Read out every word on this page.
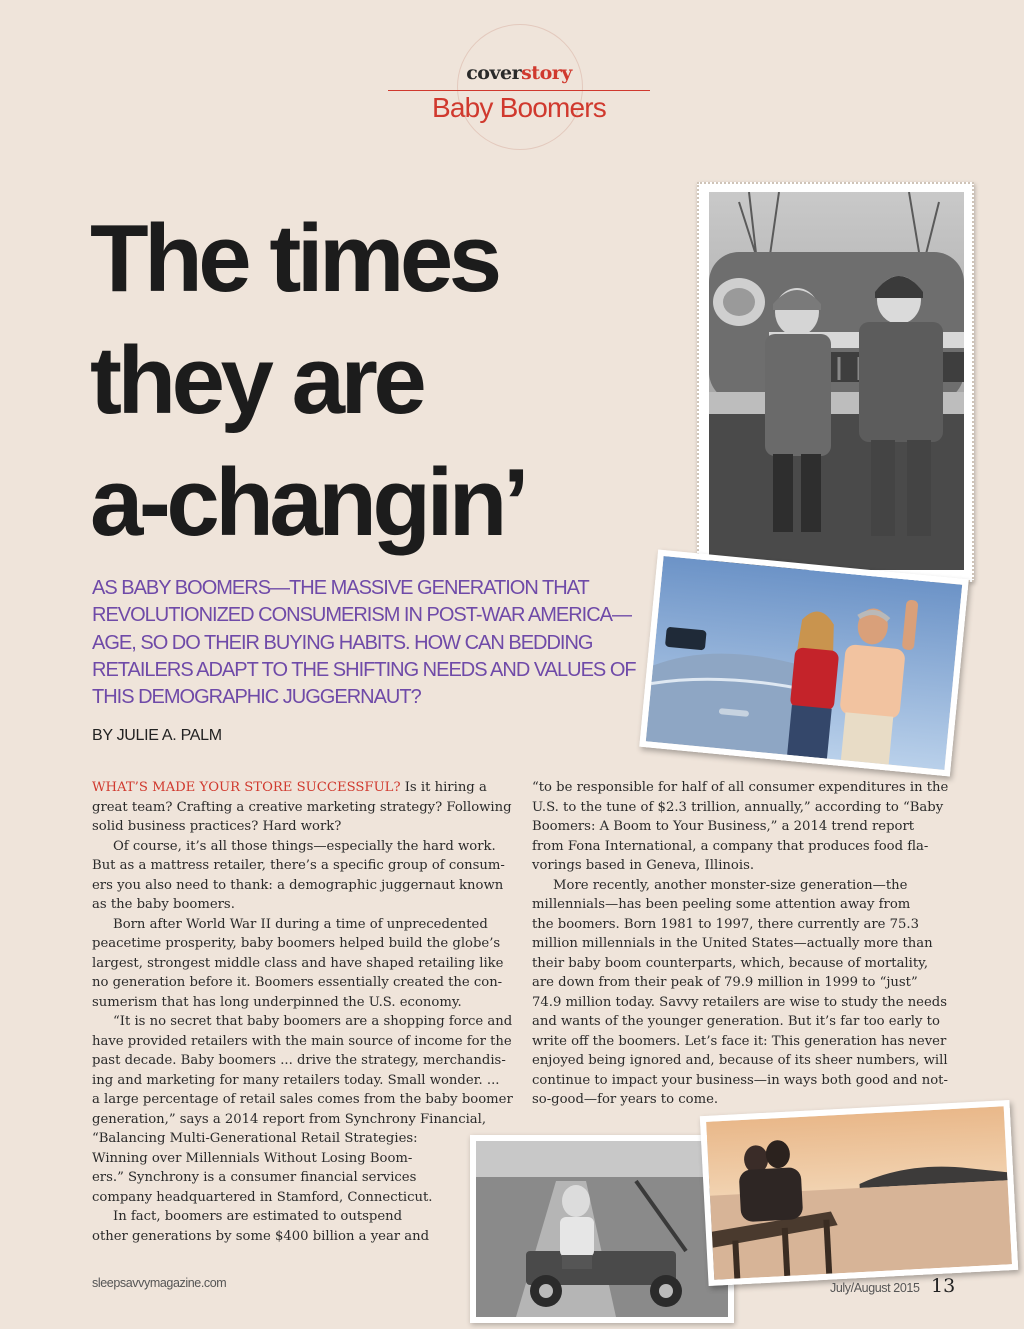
coverstory
Baby Boomers
The times
they are
a-changin’

AS BABY BOOMERS—THE MASSIVE GENERATION THAT REVOLUTIONIZED CONSUMERISM IN POST-WAR AMERICA—AGE, SO DO THEIR BUYING HABITS. HOW CAN BEDDING RETAILERS ADAPT TO THE SHIFTING NEEDS AND VALUES OF THIS DEMOGRAPHIC JUGGERNAUT?

BY JULIE A. PALM

WHAT’S MADE YOUR STORE SUCCESSFUL? Is it hiring a
great team? Crafting a creative marketing strategy? Following
solid business practices? Hard work?

Of course, it’s all those things—especially the hard work.

But as a mattress retailer, there’s a specific group of consum-
ers you also need to thank: a demographic juggernaut known
as the baby boomers.

Born after World War II during a time of unprecedented

peacetime prosperity, baby boomers helped build the globe’s
largest, strongest middle class and have shaped retailing like
no generation before it. Boomers essentially created the con-
sumerism that has long underpinned the U.S. economy.

“It is no secret that baby boomers are a shopping force and

have provided retailers with the main source of income for the
past decade. Baby boomers ... drive the strategy, merchandis-
ing and marketing for many retailers today. Small wonder. ...
a large percentage of retail sales comes from the baby boomer
generation,” says a 2014 report from Synchrony Financial,
“Balancing Multi-Generational Retail Strategies:
Winning over Millennials Without Losing Boom-
ers.” Synchrony is a consumer financial services
company headquartered in Stamford, Connecticut.

In fact, boomers are estimated to outspend

other generations by some $400 billion a year and

“to be responsible for half of all consumer expenditures in the
U.S. to the tune of $2.3 trillion, annually,” according to “Baby
Boomers: A Boom to Your Business,” a 2014 trend report
from Fona International, a company that produces food fla-
vorings based in Geneva, Illinois.

More recently, another monster-size generation—the

millennials—has been peeling some attention away from
the boomers. Born 1981 to 1997, there currently are 75.3
million millennials in the United States—actually more than
their baby boom counterparts, which, because of mortality,
are down from their peak of 79.9 million in 1999 to “just”
74.9 million today. Savvy retailers are wise to study the needs
and wants of the younger generation. But it’s far too early to
write off the boomers. Let’s face it: This generation has never
enjoyed being ignored and, because of its sheer numbers, will
continue to impact your business—in ways both good and not-
so-good—for years to come.

sleepsavvymagazine.com	July/August 2015 13
